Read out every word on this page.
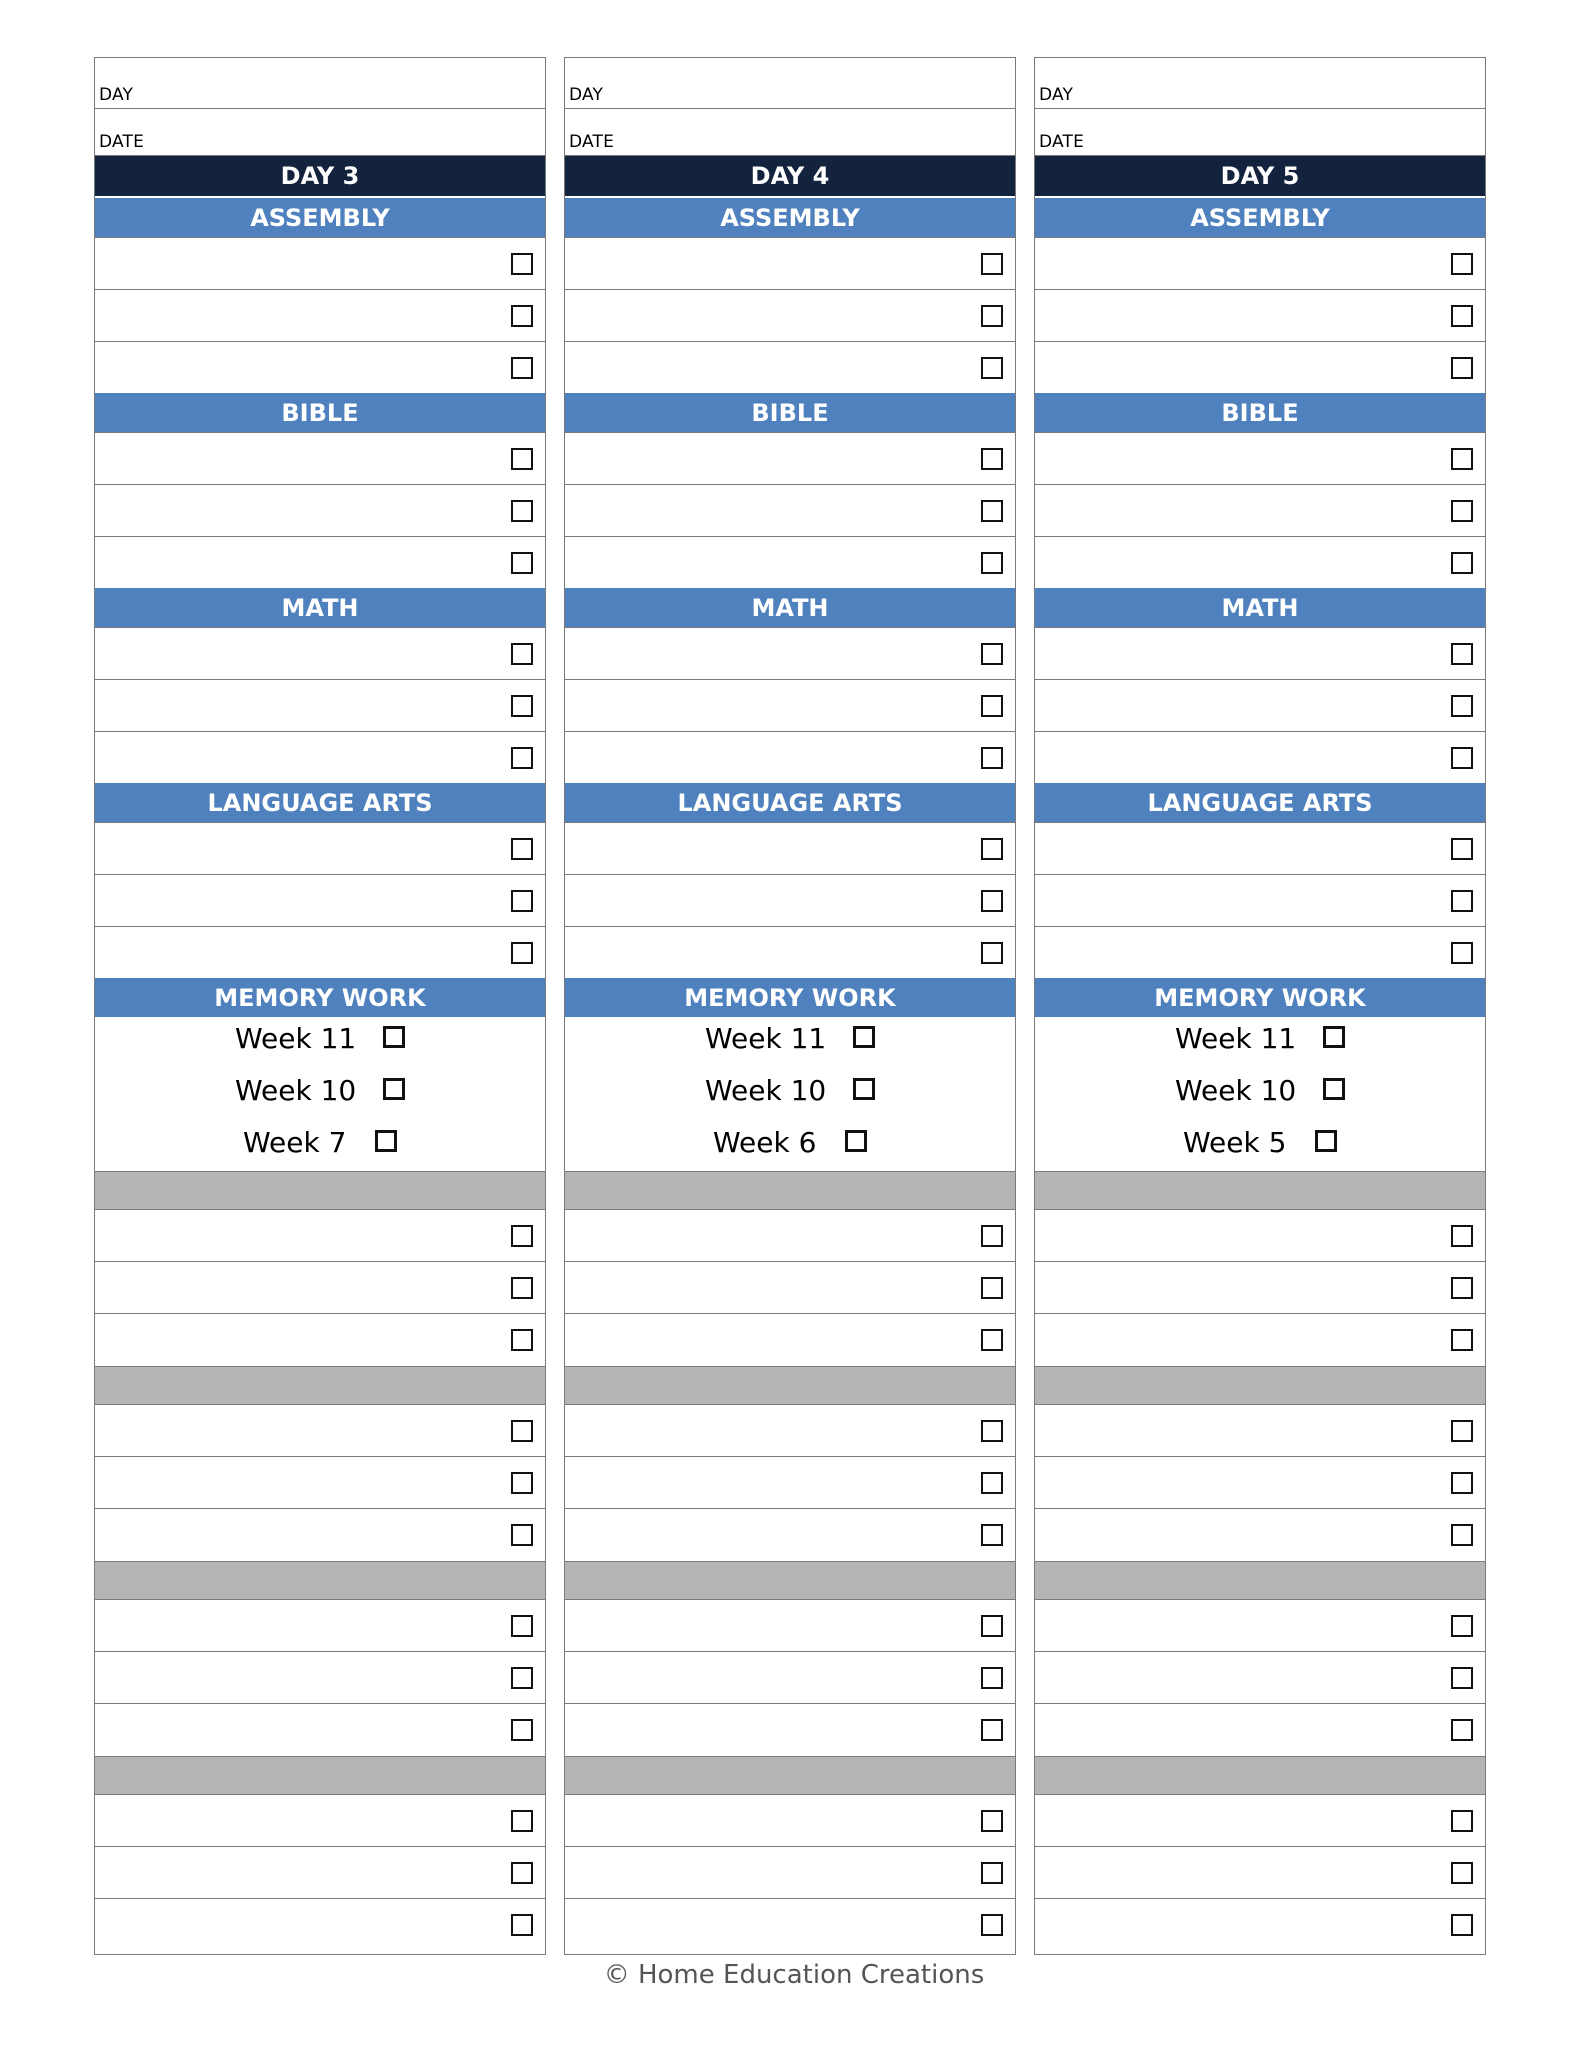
DAY
DATE
DAY 3
ASSEMBLY
BIBLE
MATH
LANGUAGE ARTS
MEMORY WORK
Week 11
Week 10
Week 7
DAY
DATE
DAY 4
ASSEMBLY
BIBLE
MATH
LANGUAGE ARTS
MEMORY WORK
Week 11
Week 10
Week 6
DAY
DATE
DAY 5
ASSEMBLY
BIBLE
MATH
LANGUAGE ARTS
MEMORY WORK
Week 11
Week 10
Week 5
© Home Education Creations
